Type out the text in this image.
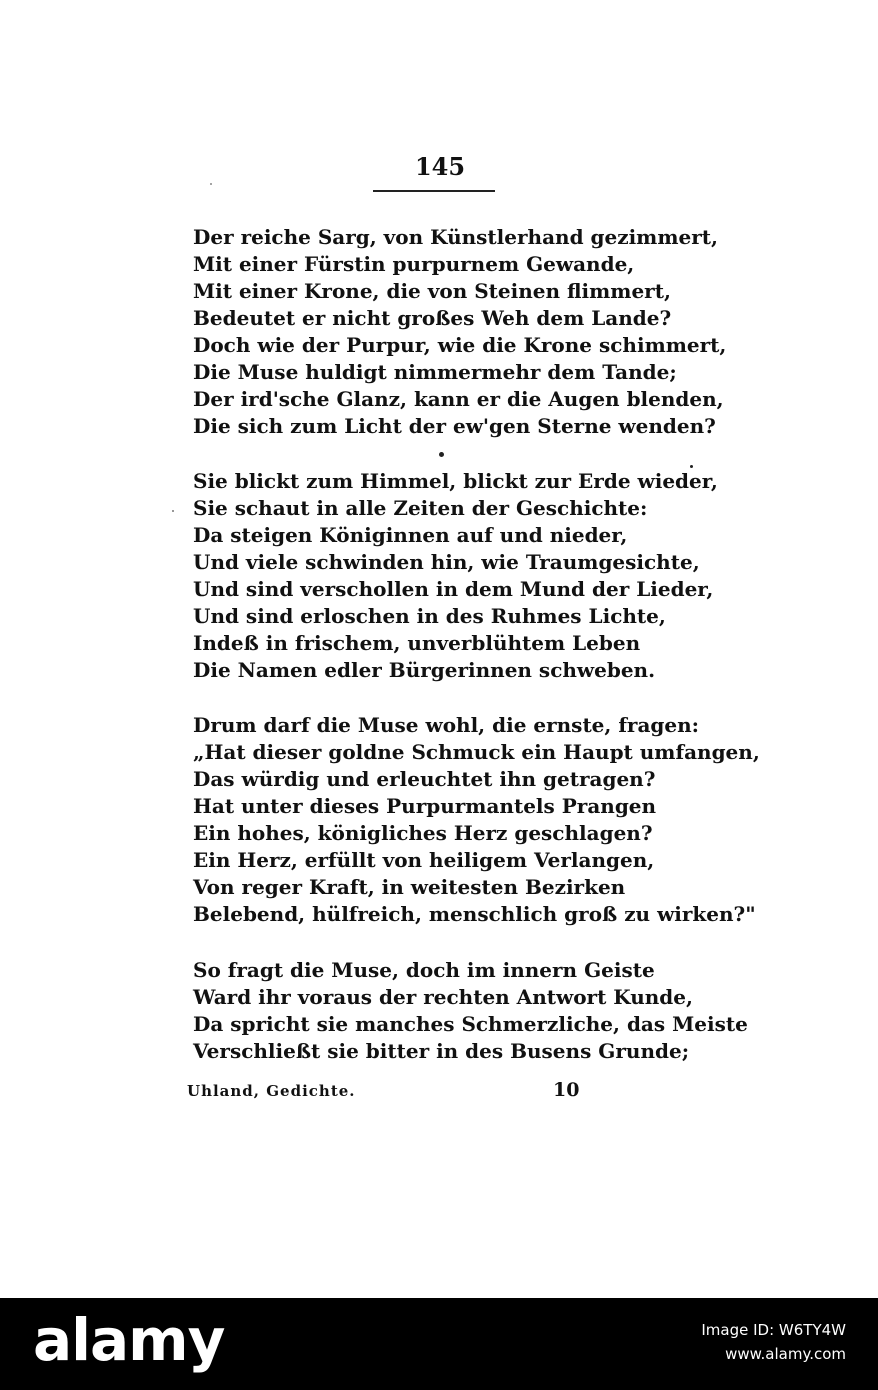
145
Der reiche Sarg, von Künstlerhand gezimmert,
Mit einer Fürstin purpurnem Gewande,
Mit einer Krone, die von Steinen flimmert,
Bedeutet er nicht großes Weh dem Lande?
Doch wie der Purpur, wie die Krone schimmert,
Die Muse huldigt nimmermehr dem Tande;
Der ird'sche Glanz, kann er die Augen blenden,
Die sich zum Licht der ew'gen Sterne wenden?
Sie blickt zum Himmel, blickt zur Erde wieder,
Sie schaut in alle Zeiten der Geschichte:
Da steigen Königinnen auf und nieder,
Und viele schwinden hin, wie Traumgesichte,
Und sind verschollen in dem Mund der Lieder,
Und sind erloschen in des Ruhmes Lichte,
Indeß in frischem, unverblühtem Leben
Die Namen edler Bürgerinnen schweben.
Drum darf die Muse wohl, die ernste, fragen:
„Hat dieser goldne Schmuck ein Haupt umfangen,
Das würdig und erleuchtet ihn getragen?
Hat unter dieses Purpurmantels Prangen
Ein hohes, königliches Herz geschlagen?
Ein Herz, erfüllt von heiligem Verlangen,
Von reger Kraft, in weitesten Bezirken
Belebend, hülfreich, menschlich groß zu wirken?"
So fragt die Muse, doch im innern Geiste
Ward ihr voraus der rechten Antwort Kunde,
Da spricht sie manches Schmerzliche, das Meiste
Verschließt sie bitter in des Busens Grunde;
Uhland, Gedichte.	10

alamy	Image ID: W6TY4W
www.alamy.com
